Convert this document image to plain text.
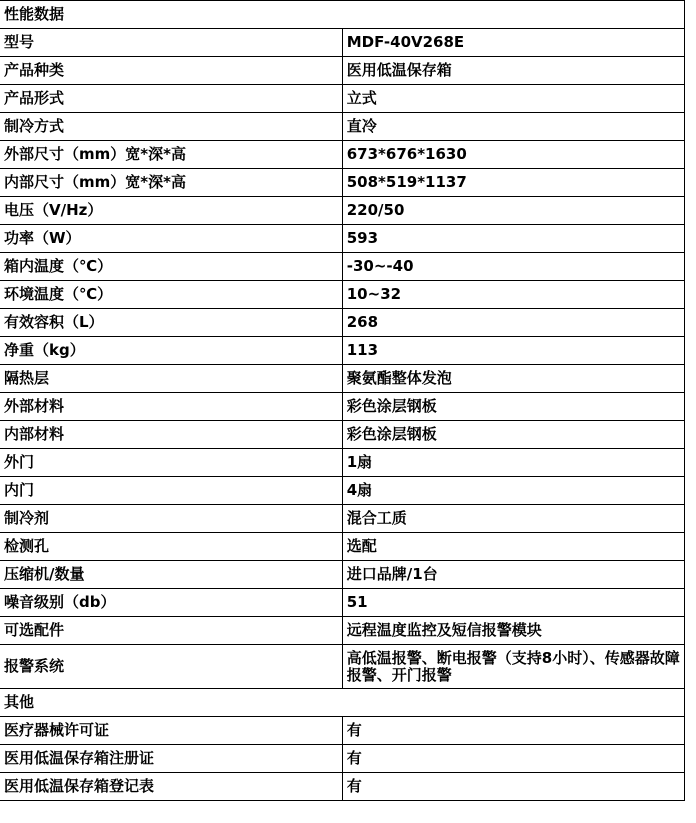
性能数据	
型号	MDF-40V268E
产品种类	医用低温保存箱
产品形式	立式
制冷方式	直冷
外部尺寸（mm）宽*深*高	673*676*1630
内部尺寸（mm）宽*深*高	508*519*1137
电压（V/Hz）	220/50
功率（W）	593
箱内温度（℃）	-30~-40
环境温度（℃）	10~32
有效容积（L）	268
净重（kg）	113
隔热层	聚氨酯整体发泡
外部材料	彩色涂层钢板
内部材料	彩色涂层钢板
外门	1扇
内门	4扇
制冷剂	混合工质
检测孔	选配
压缩机/数量	进口品牌/1台
噪音级别（db）	51
可选配件	远程温度监控及短信报警模块
报警系统	高低温报警、断电报警（支持8小时）、传感器故障报警、开门报警
其他	
医疗器械许可证	有
医用低温保存箱注册证	有
医用低温保存箱登记表	有
